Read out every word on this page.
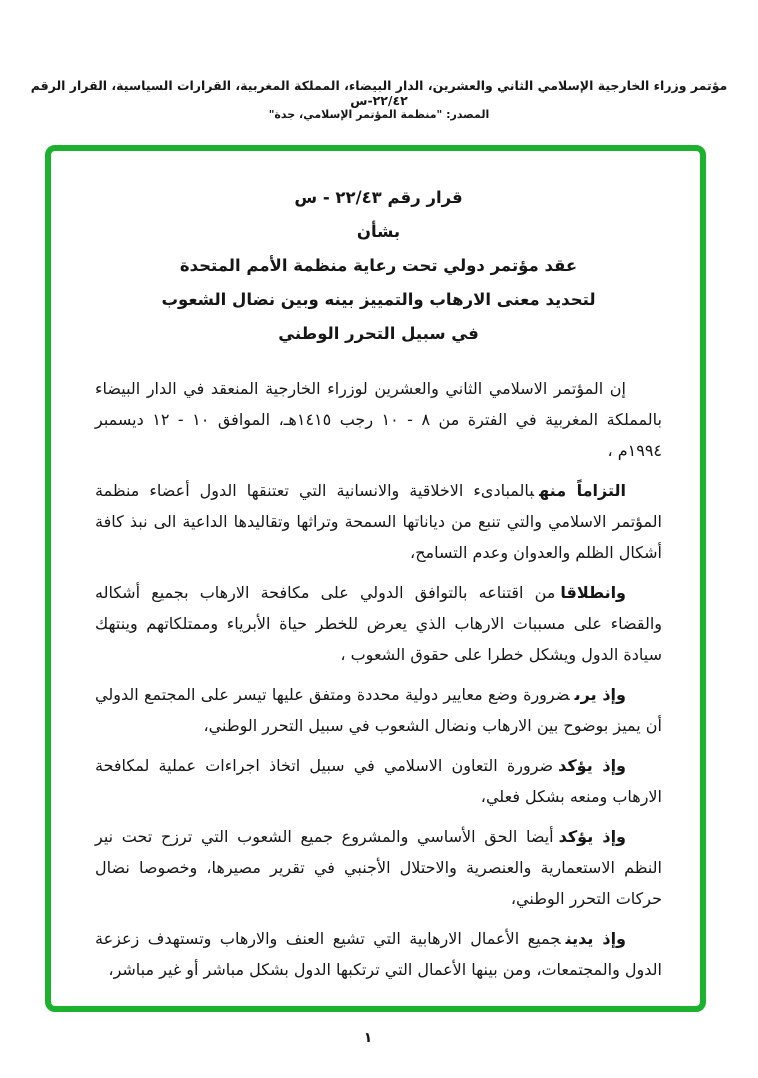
مؤتمر وزراء الخارجية الإسلامي الثاني والعشرين، الدار البيضاء، المملكة المغربية، القرارات السياسية، القرار الرقم ٢٢/٤٢-س
المصدر: "منظمة المؤتمر الإسلامي، جدة"
قرار رقم ٢٢/٤٣ - س
بشأن
عقد مؤتمر دولي تحت رعاية منظمة الأمم المتحدة
لتحديد معنى الارهاب والتمييز بينه وبين نضال الشعوب
في سبيل التحرر الوطني

إن المؤتمر الاسلامي الثاني والعشرين لوزراء الخارجية المنعقد في الدار البيضاء بالمملكة المغربية في الفترة من ٨ - ١٠ رجب ١٤١٥هـ، الموافق ١٠ - ١٢ ديسمبر ١٩٩٤م ،

التزاماً منهبالمبادىء الاخلاقية والانسانية التي تعتنقها الدول أعضاء منظمة المؤتمر الاسلامي والتي تنبع من دياناتها السمحة وتراثها وتقاليدها الداعية الى نبذ كافة أشكال الظلم والعدوان وعدم التسامح،

وانطلاقامن اقتناعه بالتوافق الدولي على مكافحة الارهاب بجميع أشكاله والقضاء على مسببات الارهاب الذي يعرض للخطر حياة الأبرياء وممتلكاتهم وينتهك سيادة الدول ويشكل خطرا على حقوق الشعوب ،

وإذ يرىضرورة وضع معايير دولية محددة ومتفق عليها تيسر على المجتمع الدولي أن يميز بوضوح بين الارهاب ونضال الشعوب في سبيل التحرر الوطني،

وإذ يؤكدضرورة التعاون الاسلامي في سبيل اتخاذ اجراءات عملية لمكافحة الارهاب ومنعه بشكل فعلي،

وإذ يؤكدأيضا الحق الأساسي والمشروع جميع الشعوب التي ترزح تحت نير النظم الاستعمارية والعنصرية والاحتلال الأجنبي في تقرير مصيرها، وخصوصا نضال حركات التحرر الوطني،

وإذ يدينجميع الأعمال الارهابية التي تشيع العنف والارهاب وتستهدف زعزعة الدول والمجتمعات، ومن بينها الأعمال التي ترتكبها الدول بشكل مباشر أو غير مباشر،

١
